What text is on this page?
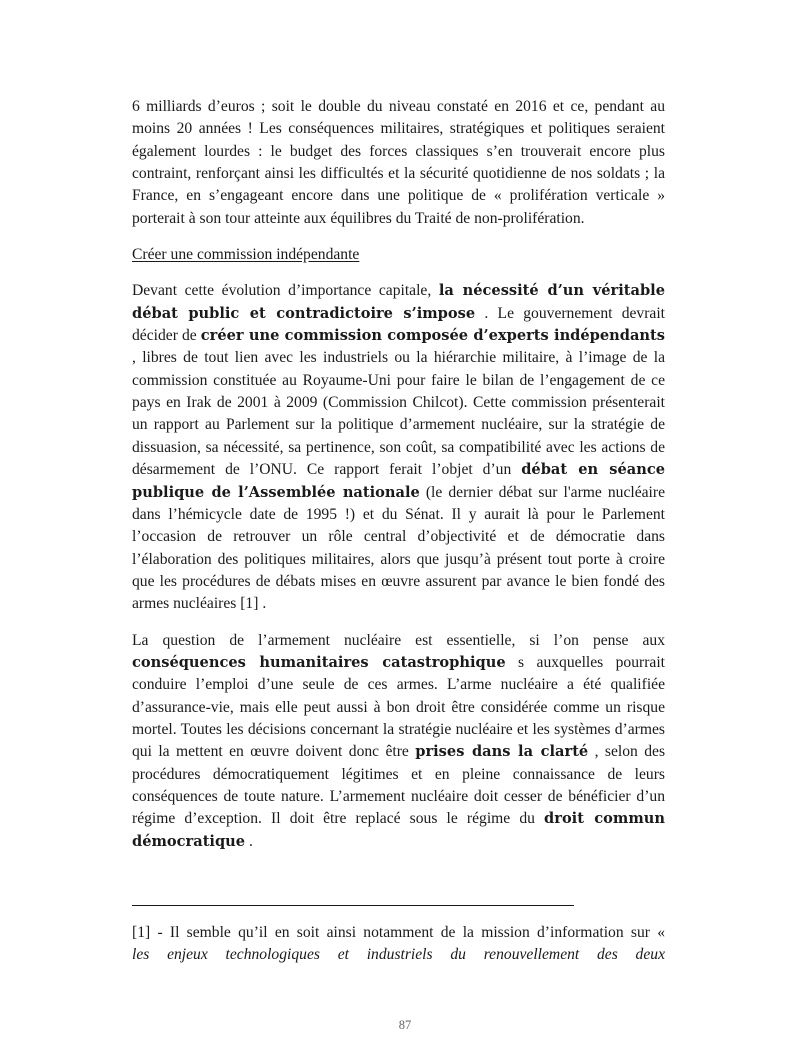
6 milliards d’euros ; soit le double du niveau constaté en 2016 et ce, pendant au moins 20 années ! Les conséquences militaires, stratégiques et politiques seraient également lourdes : le budget des forces classiques s’en trouverait encore plus contraint, renforçant ainsi les difficultés et la sécurité quotidienne de nos soldats ; la France, en s’engageant encore dans une politique de « prolifération verticale » porterait à son tour atteinte aux équilibres du Traité de non-prolifération.

Créer une commission indépendante

Devant cette évolution d’importance capitale, la nécessité d’un véritable débat public et contradictoire s’impose . Le gouvernement devrait décider de créer une commission composée d’experts indépendants , libres de tout lien avec les industriels ou la hiérarchie militaire, à l’image de la commission constituée au Royaume-Uni pour faire le bilan de l’engagement de ce pays en Irak de 2001 à 2009 (Commission Chilcot). Cette commission présenterait un rapport au Parlement sur la politique d’armement nucléaire, sur la stratégie de dissuasion, sa nécessité, sa pertinence, son coût, sa compatibilité avec les actions de désarmement de l’ONU. Ce rapport ferait l’objet d’un débat en séance publique de l’Assemblée nationale (le dernier débat sur l'arme nucléaire dans l’hémicycle date de 1995 !) et du Sénat. Il y aurait là pour le Parlement l’occasion de retrouver un rôle central d’objectivité et de démocratie dans l’élaboration des politiques militaires, alors que jusqu’à présent tout porte à croire que les procédures de débats mises en œuvre assurent par avance le bien fondé des armes nucléaires [1] .

La question de l’armement nucléaire est essentielle, si l’on pense aux conséquences humanitaires catastrophique s auxquelles pourrait conduire l’emploi d’une seule de ces armes. L’arme nucléaire a été qualifiée d’assurance-vie, mais elle peut aussi à bon droit être considérée comme un risque mortel. Toutes les décisions concernant la stratégie nucléaire et les systèmes d’armes qui la mettent en œuvre doivent donc être prises dans la clarté , selon des procédures démocratiquement légitimes et en pleine connaissance de leurs conséquences de toute nature. L’armement nucléaire doit cesser de bénéficier d’un régime d’exception. Il doit être replacé sous le régime du droit commun démocratique .

[1] - Il semble qu’il en soit ainsi notamment de la mission d’information sur «
les enjeux technologiques et industriels du renouvellement des deux
87
